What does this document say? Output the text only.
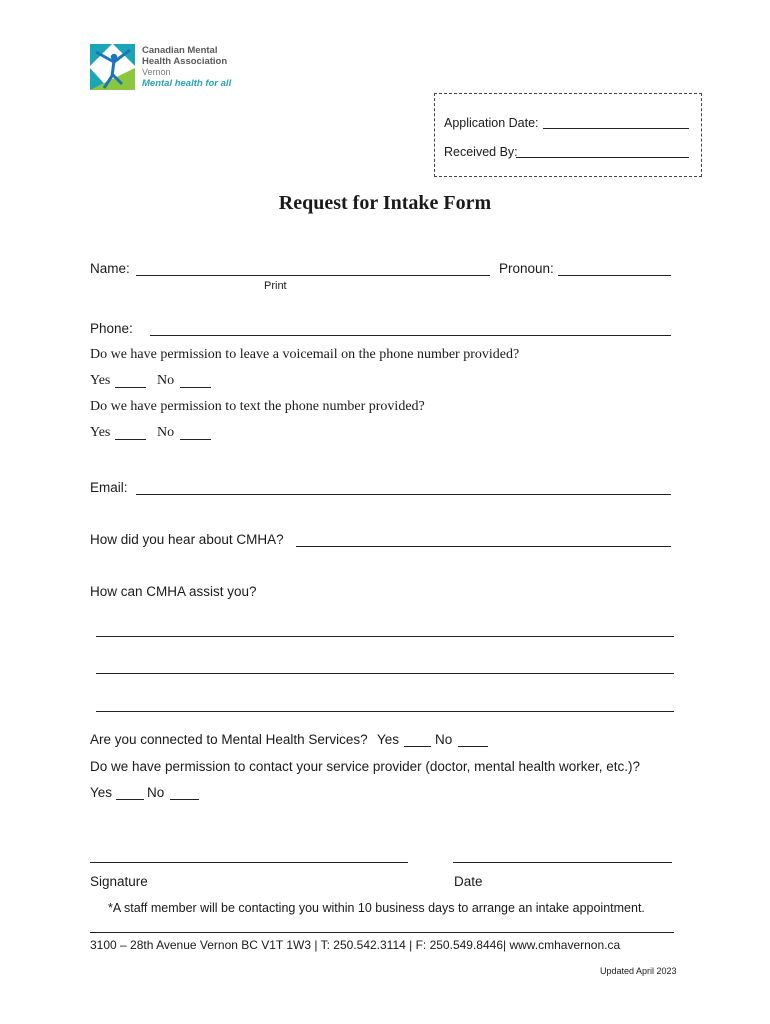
Canadian Mental
Health Association
Vernon
Mental health for all
Application Date:
Received By:
Request for Intake Form
Name:
Print
Pronoun:
Phone:
Do we have permission to leave a voicemail on the phone number provided?
Yes	No
Do we have permission to text the phone number provided?
Yes	No
Email:
How did you hear about CMHA?
How can CMHA assist you?
Are you connected to Mental Health Services? Yes	No
Do we have permission to contact your service provider (doctor, mental health worker, etc.)?
Yes	No
Signature	Date
*A staff member will be contacting you within 10 business days to arrange an intake appointment.
3100 – 28th Avenue Vernon BC V1T 1W3 | T: 250.542.3114 | F: 250.549.8446| www.cmhavernon.ca
Updated April 2023
